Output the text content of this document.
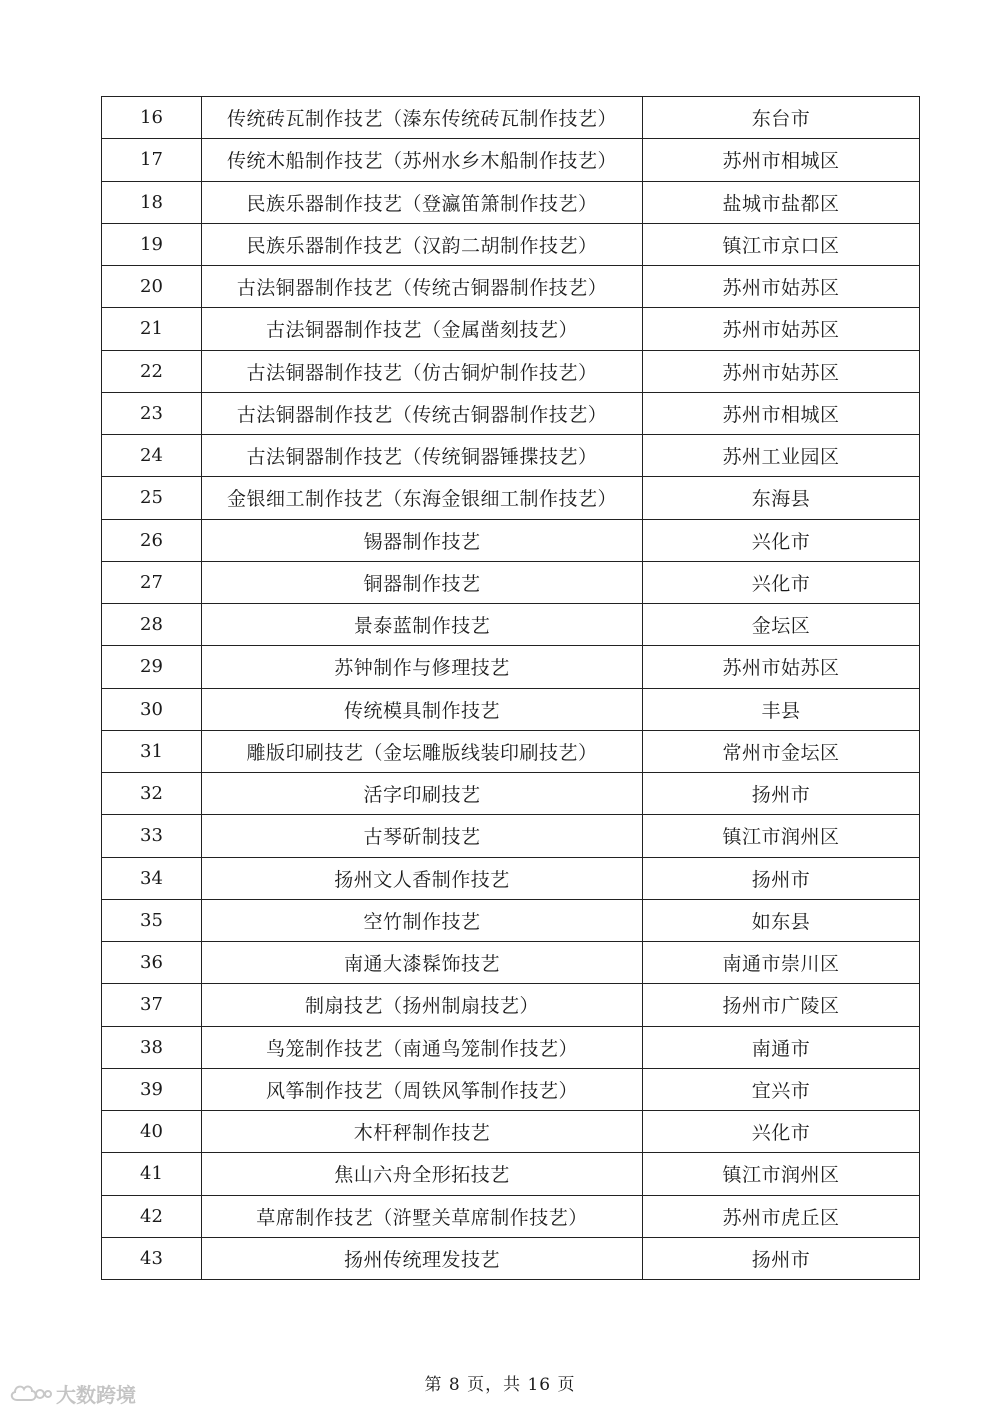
16	传统砖瓦制作技艺（溱东传统砖瓦制作技艺）	东台市
17	传统木船制作技艺（苏州水乡木船制作技艺）	苏州市相城区
18	民族乐器制作技艺（登瀛笛箫制作技艺）	盐城市盐都区
19	民族乐器制作技艺（汉韵二胡制作技艺）	镇江市京口区
20	古法铜器制作技艺（传统古铜器制作技艺）	苏州市姑苏区
21	古法铜器制作技艺（金属凿刻技艺）	苏州市姑苏区
22	古法铜器制作技艺（仿古铜炉制作技艺）	苏州市姑苏区
23	古法铜器制作技艺（传统古铜器制作技艺）	苏州市相城区
24	古法铜器制作技艺（传统铜器锤揲技艺）	苏州工业园区
25	金银细工制作技艺（东海金银细工制作技艺）	东海县
26	锡器制作技艺	兴化市
27	铜器制作技艺	兴化市
28	景泰蓝制作技艺	金坛区
29	苏钟制作与修理技艺	苏州市姑苏区
30	传统模具制作技艺	丰县
31	雕版印刷技艺（金坛雕版线装印刷技艺）	常州市金坛区
32	活字印刷技艺	扬州市
33	古琴斫制技艺	镇江市润州区
34	扬州文人香制作技艺	扬州市
35	空竹制作技艺	如东县
36	南通大漆髹饰技艺	南通市崇川区
37	制扇技艺（扬州制扇技艺）	扬州市广陵区
38	鸟笼制作技艺（南通鸟笼制作技艺）	南通市
39	风筝制作技艺（周铁风筝制作技艺）	宜兴市
40	木杆秤制作技艺	兴化市
41	焦山六舟全形拓技艺	镇江市润州区
42	草席制作技艺（浒墅关草席制作技艺）	苏州市虎丘区
43	扬州传统理发技艺	扬州市
第 8 页，共 16 页
大数跨境
